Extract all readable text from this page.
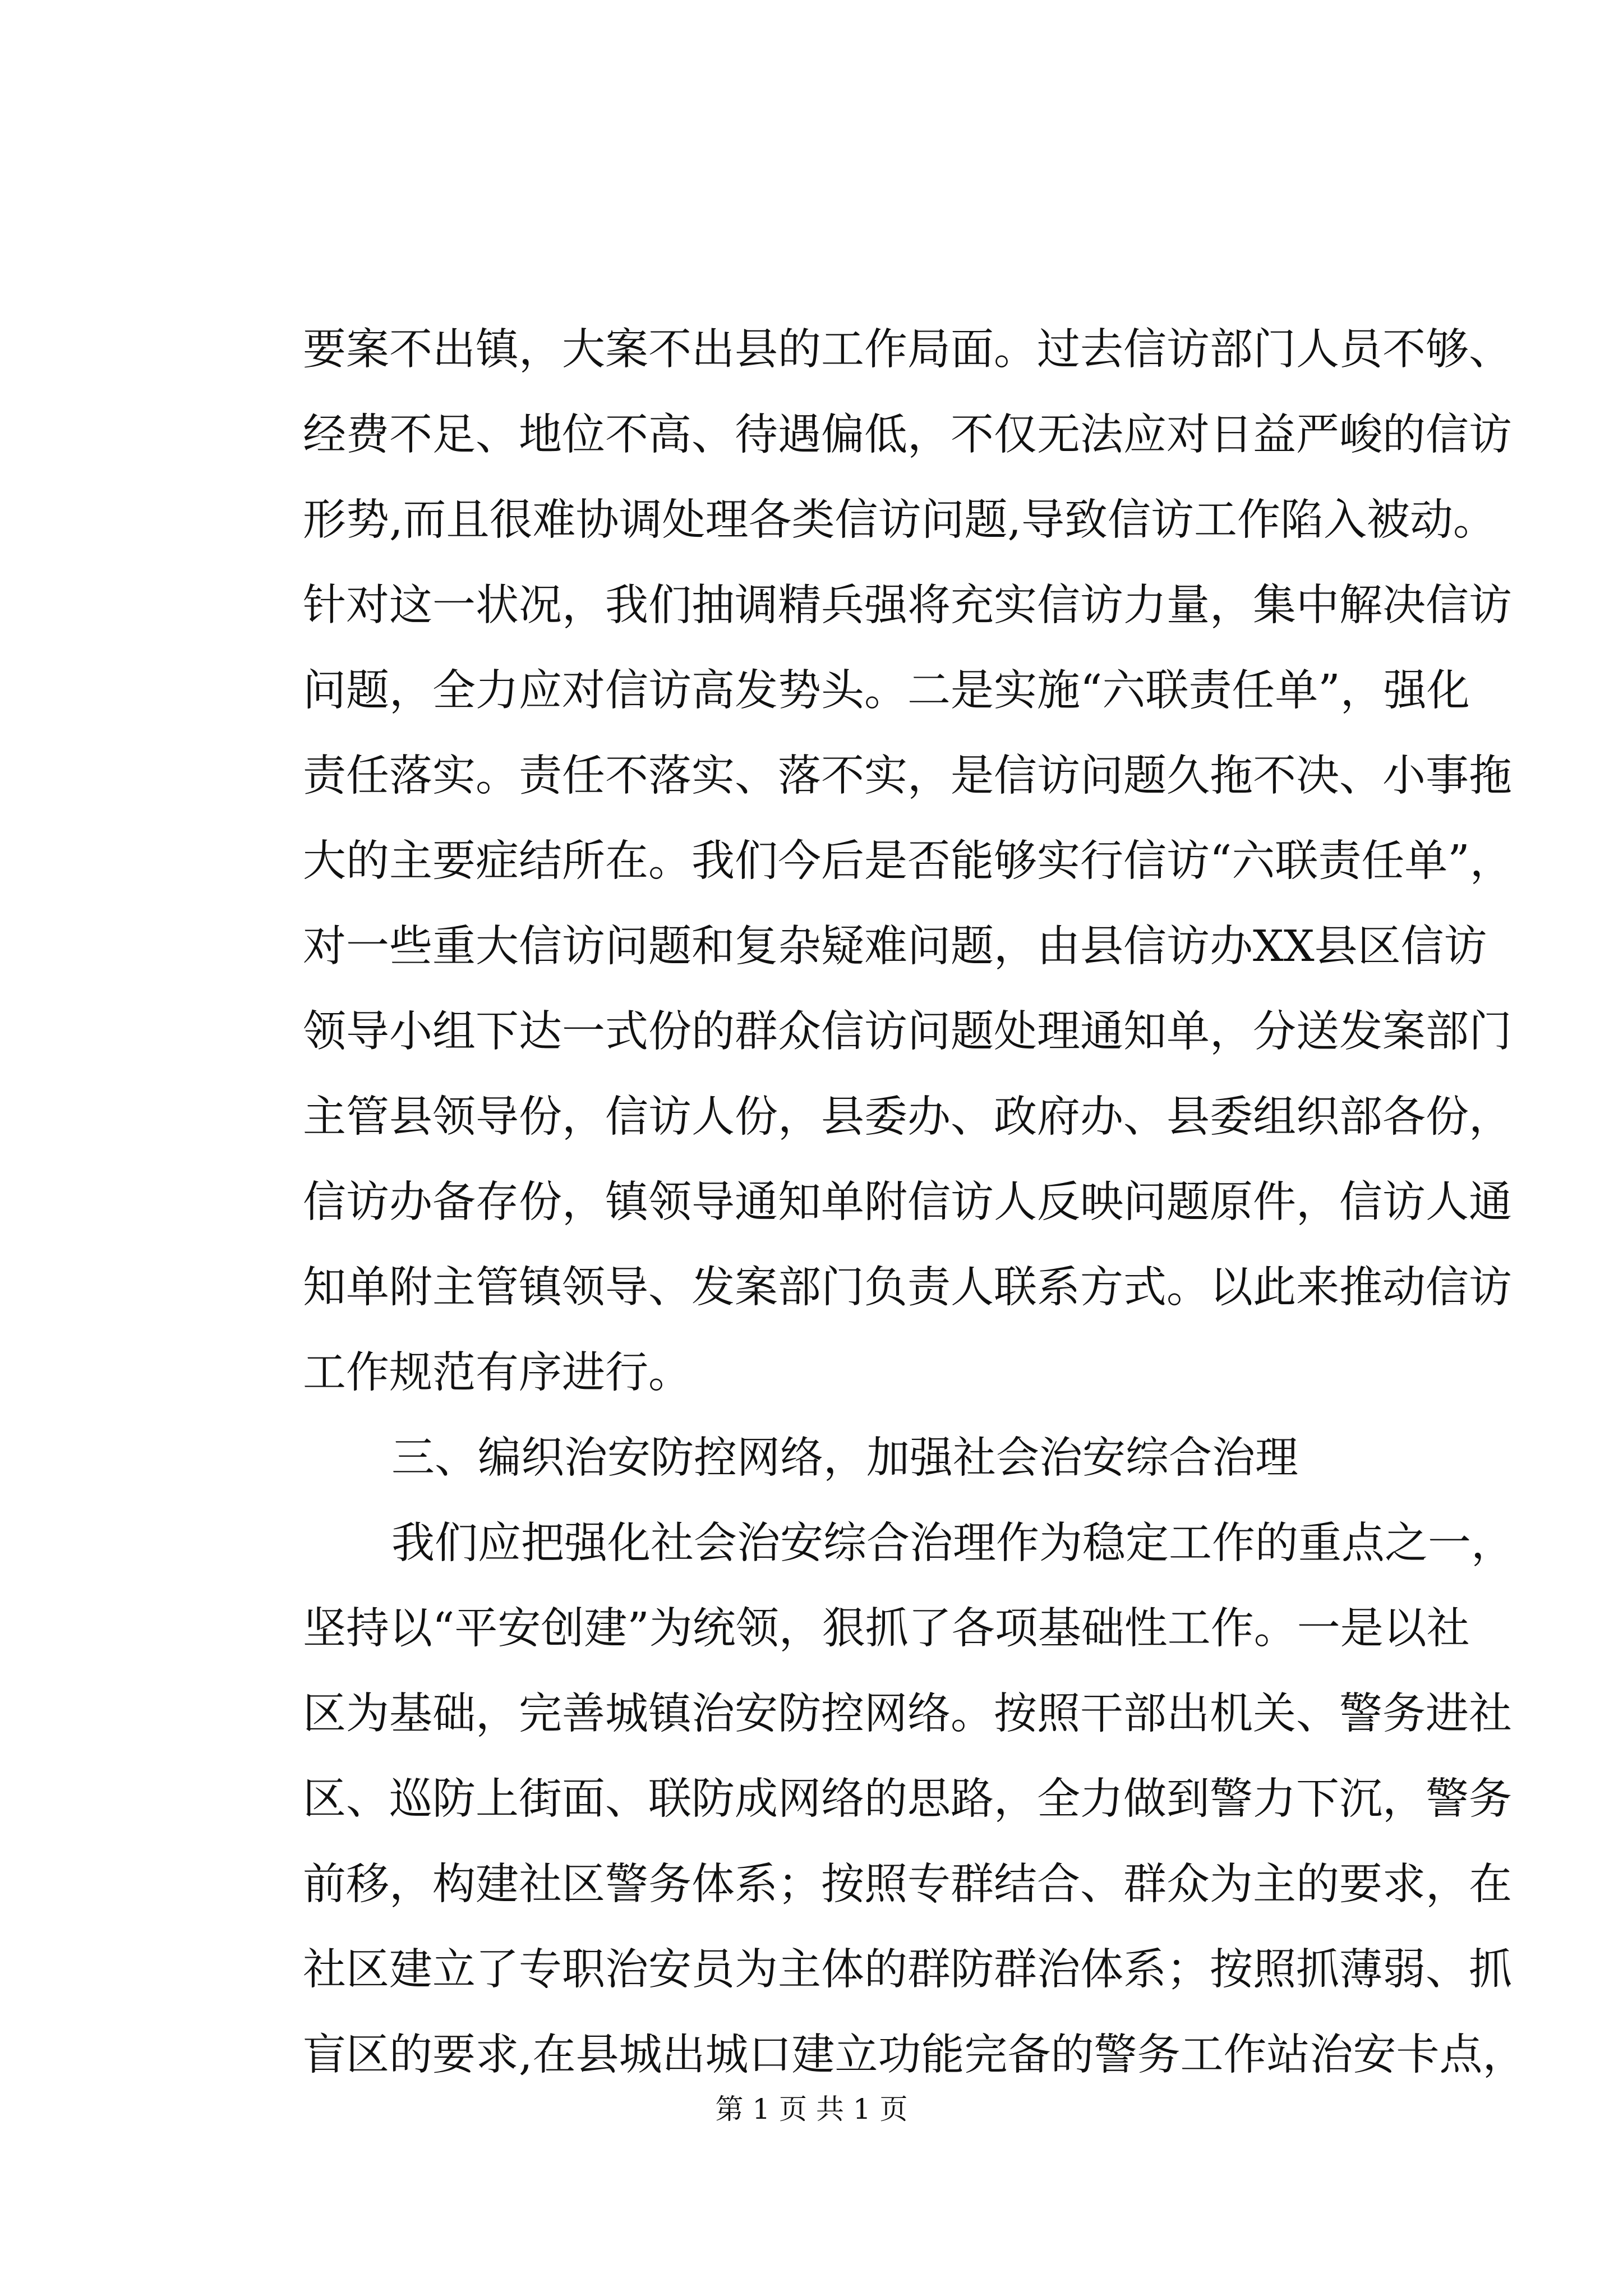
要案不出镇，大案不出县的工作局面。过去信访部门人员不够、
经费不足、地位不高、待遇偏低，不仅无法应对日益严峻的信访
形势,而且很难协调处理各类信访问题,导致信访工作陷入被动。
针对这一状况，我们抽调精兵强将充实信访力量，集中解决信访
问题，全力应对信访高发势头。二是实施“六联责任单”，强化
责任落实。责任不落实、落不实，是信访问题久拖不决、小事拖
大的主要症结所在。我们今后是否能够实行信访“六联责任单”，
对一些重大信访问题和复杂疑难问题，由县信访办XX县区信访
领导小组下达一式份的群众信访问题处理通知单，分送发案部门
主管县领导份，信访人份，县委办、政府办、县委组织部各份，
信访办备存份，镇领导通知单附信访人反映问题原件，信访人通
知单附主管镇领导、发案部门负责人联系方式。以此来推动信访
工作规范有序进行。
三、编织治安防控网络，加强社会治安综合治理
我们应把强化社会治安综合治理作为稳定工作的重点之一，
坚持以“平安创建”为统领，狠抓了各项基础性工作。一是以社
区为基础，完善城镇治安防控网络。按照干部出机关、警务进社
区、巡防上街面、联防成网络的思路，全力做到警力下沉，警务
前移，构建社区警务体系；按照专群结合、群众为主的要求，在
社区建立了专职治安员为主体的群防群治体系；按照抓薄弱、抓
盲区的要求,在县城出城口建立功能完备的警务工作站治安卡点，
第 1 页 共 1 页
